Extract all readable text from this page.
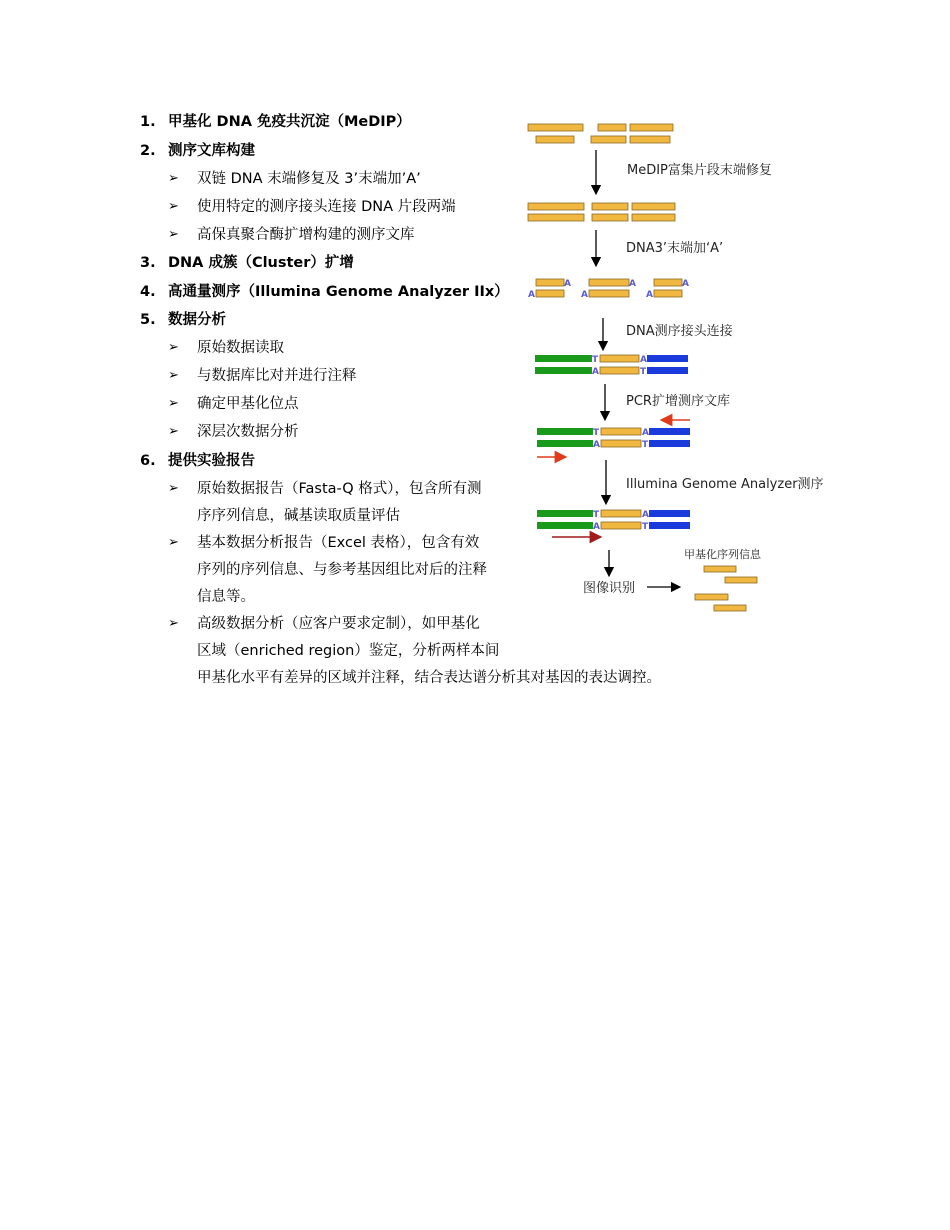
1. 甲基化 DNA 免疫共沉淀（MeDIP）
2. 测序文库构建
➢ 双链 DNA 末端修复及 3’末端加’A’
➢ 使用特定的测序接头连接 DNA 片段两端
➢ 高保真聚合酶扩增构建的测序文库
3. DNA 成簇（Cluster）扩增
4. 高通量测序（Illumina Genome Analyzer IIx）
5. 数据分析
➢ 原始数据读取
➢ 与数据库比对并进行注释
➢ 确定甲基化位点
➢ 深层次数据分析
6. 提供实验报告
➢ 原始数据报告（Fasta-Q 格式），包含所有测
序序列信息，碱基读取质量评估
➢ 基本数据分析报告（Excel 表格），包含有效
序列的序列信息、与参考基因组比对后的注释
信息等。
➢ 高级数据分析（应客户要求定制），如甲基化
区域（enriched region）鉴定，分析两样本间
甲基化水平有差异的区域并注释，结合表达谱分析其对基因的表达调控。
MeDIP富集片段末端修复
DNA3’末端加‘A’
A
A
A
A
A
A
DNA测序接头连接
T
A
A
T
PCR扩增测序文库
T
A
A
T
Illumina Genome Analyzer测序
T
A
A
T
图像识别
甲基化序列信息
